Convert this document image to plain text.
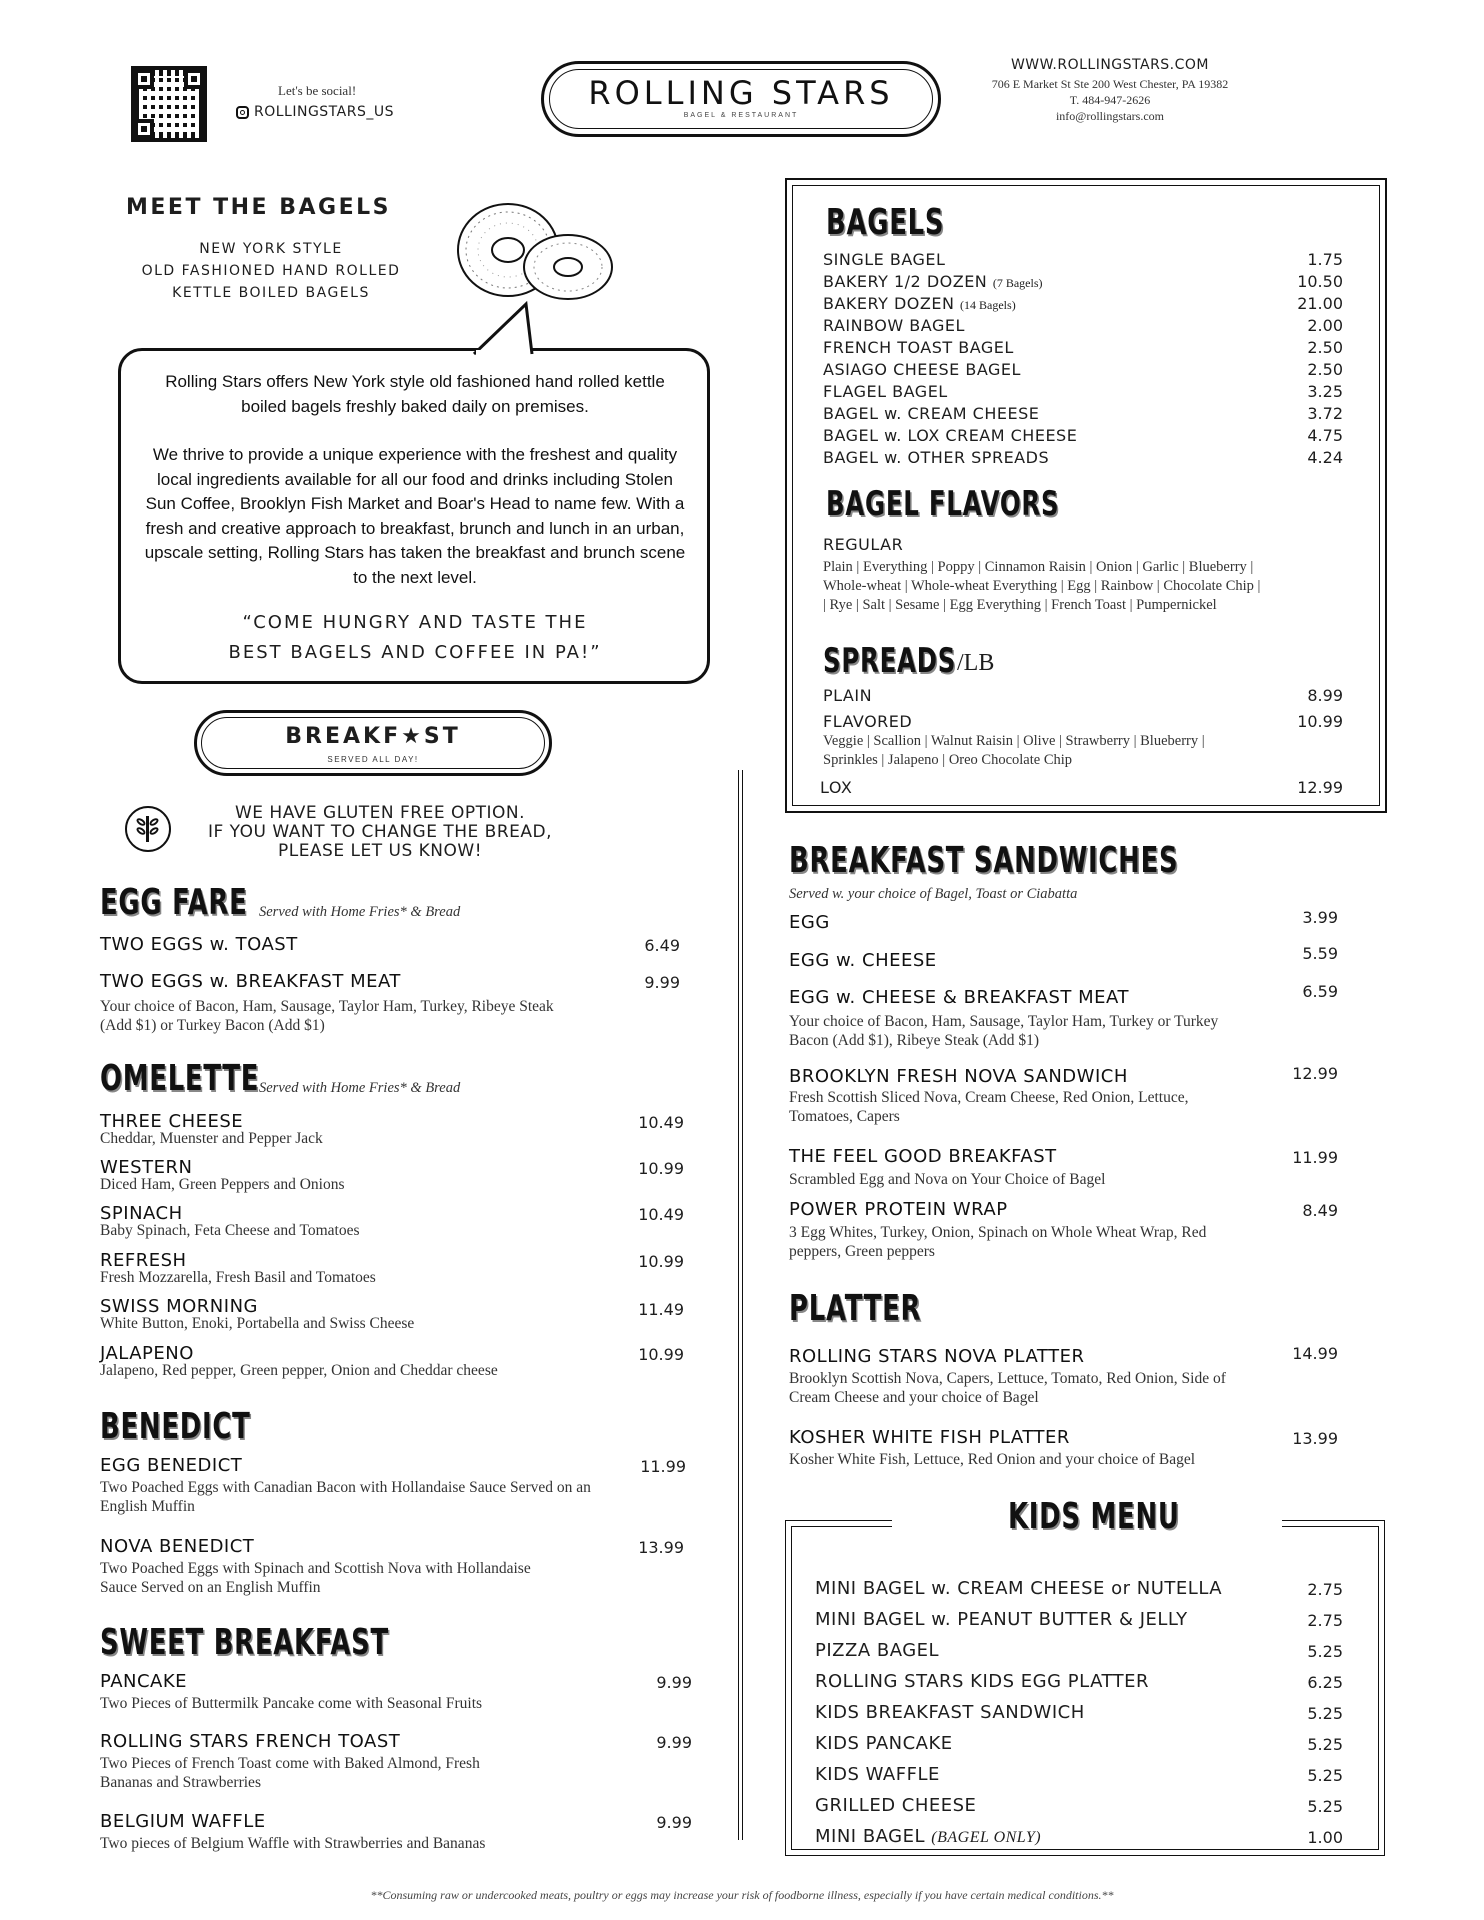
Let's be social!
ROLLINGSTARS_US	ROLLING STARS
BAGEL & RESTAURANT
WWW.ROLLINGSTARS.COM
706 E Market St Ste 200 West Chester, PA 19382
T. 484-947-2626
info@rollingstars.com
MEET THE BAGELS
NEW YORK STYLE
OLD FASHIONED HAND ROLLED
KETTLE BOILED BAGELS
Rolling Stars offers New York style old fashioned hand rolled kettle boiled bagels freshly baked daily on premises.
We thrive to provide a unique experience with the freshest and quality local ingredients available for all our food and drinks including Stolen Sun Coffee, Brooklyn Fish Market and Boar's Head to name few. With a fresh and creative approach to breakfast, brunch and lunch in an urban, upscale setting, Rolling Stars has taken the breakfast and brunch scene to the next level.
“COME HUNGRY AND TASTE THE
BEST BAGELS AND COFFEE IN PA!”
BREAKF★ST
SERVED ALL DAY!
WE HAVE GLUTEN FREE OPTION.
IF YOU WANT TO CHANGE THE BREAD,
PLEASE LET US KNOW!
EGG FARE Served with Home Fries* & Bread
TWO EGGS w. TOAST	6.49
TWO EGGS w. BREAKFAST MEAT	9.99
Your choice of Bacon, Ham, Sausage, Taylor Ham, Turkey, Ribeye Steak (Add $1) or Turkey Bacon (Add $1)
OMELETTE Served with Home Fries* & Bread
THREE CHEESE	10.49
Cheddar, Muenster and Pepper Jack
WESTERN	10.99
Diced Ham, Green Peppers and Onions
SPINACH	10.49
Baby Spinach, Feta Cheese and Tomatoes
REFRESH	10.99
Fresh Mozzarella, Fresh Basil and Tomatoes
SWISS MORNING	11.49
White Button, Enoki, Portabella and Swiss Cheese
JALAPENO	10.99
Jalapeno, Red pepper, Green pepper, Onion and Cheddar cheese
BENEDICT
EGG BENEDICT	11.99
Two Poached Eggs with Canadian Bacon with Hollandaise Sauce Served on an English Muffin
NOVA BENEDICT	13.99
Two Poached Eggs with Spinach and Scottish Nova with Hollandaise Sauce Served on an English Muffin
SWEET BREAKFAST
PANCAKE	9.99
Two Pieces of Buttermilk Pancake come with Seasonal Fruits
ROLLING STARS FRENCH TOAST	9.99
Two Pieces of French Toast come with Baked Almond, Fresh Bananas and Strawberries
BELGIUM WAFFLE	9.99
Two pieces of Belgium Waffle with Strawberries and Bananas
BAGELS
SINGLE BAGEL	1.75
BAKERY 1/2 DOZEN (7 Bagels)	10.50
BAKERY DOZEN (14 Bagels)	21.00
RAINBOW BAGEL	2.00
FRENCH TOAST BAGEL	2.50
ASIAGO CHEESE BAGEL	2.50
FLAGEL BAGEL	3.25
BAGEL w. CREAM CHEESE	3.72
BAGEL w. LOX CREAM CHEESE	4.75
BAGEL w. OTHER SPREADS	4.24
BAGEL FLAVORS
REGULAR
Plain | Everything | Poppy | Cinnamon Raisin | Onion | Garlic | Blueberry |
Whole-wheat | Whole-wheat Everything | Egg | Rainbow | Chocolate Chip |
| Rye | Salt | Sesame | Egg Everything | French Toast | Pumpernickel
SPREADS /LB
PLAIN	8.99
FLAVORED	10.99
Veggie | Scallion | Walnut Raisin | Olive | Strawberry | Blueberry |
Sprinkles | Jalapeno | Oreo Chocolate Chip
LOX	12.99
BREAKFAST SANDWICHES
Served w. your choice of Bagel, Toast or Ciabatta
EGG	3.99
EGG w. CHEESE	5.59
EGG w. CHEESE & BREAKFAST MEAT	6.59
Your choice of Bacon, Ham, Sausage, Taylor Ham, Turkey or Turkey Bacon (Add $1), Ribeye Steak (Add $1)
BROOKLYN FRESH NOVA SANDWICH	12.99
Fresh Scottish Sliced Nova, Cream Cheese, Red Onion, Lettuce, Tomatoes, Capers
THE FEEL GOOD BREAKFAST	11.99
Scrambled Egg and Nova on Your Choice of Bagel
POWER PROTEIN WRAP	8.49
3 Egg Whites, Turkey, Onion, Spinach on Whole Wheat Wrap, Red peppers, Green peppers
PLATTER
ROLLING STARS NOVA PLATTER	14.99
Brooklyn Scottish Nova, Capers, Lettuce, Tomato, Red Onion, Side of Cream Cheese and your choice of Bagel
KOSHER WHITE FISH PLATTER	13.99
Kosher White Fish, Lettuce, Red Onion and your choice of Bagel
KIDS MENU
MINI BAGEL w. CREAM CHEESE or NUTELLA	2.75
MINI BAGEL w. PEANUT BUTTER & JELLY	2.75
PIZZA BAGEL	5.25
ROLLING STARS KIDS EGG PLATTER	6.25
KIDS BREAKFAST SANDWICH	5.25
KIDS PANCAKE	5.25
KIDS WAFFLE	5.25
GRILLED CHEESE	5.25
MINI BAGEL (BAGEL ONLY)	1.00
**Consuming raw or undercooked meats, poultry or eggs may increase your risk of foodborne illness, especially if you have certain medical conditions.**
